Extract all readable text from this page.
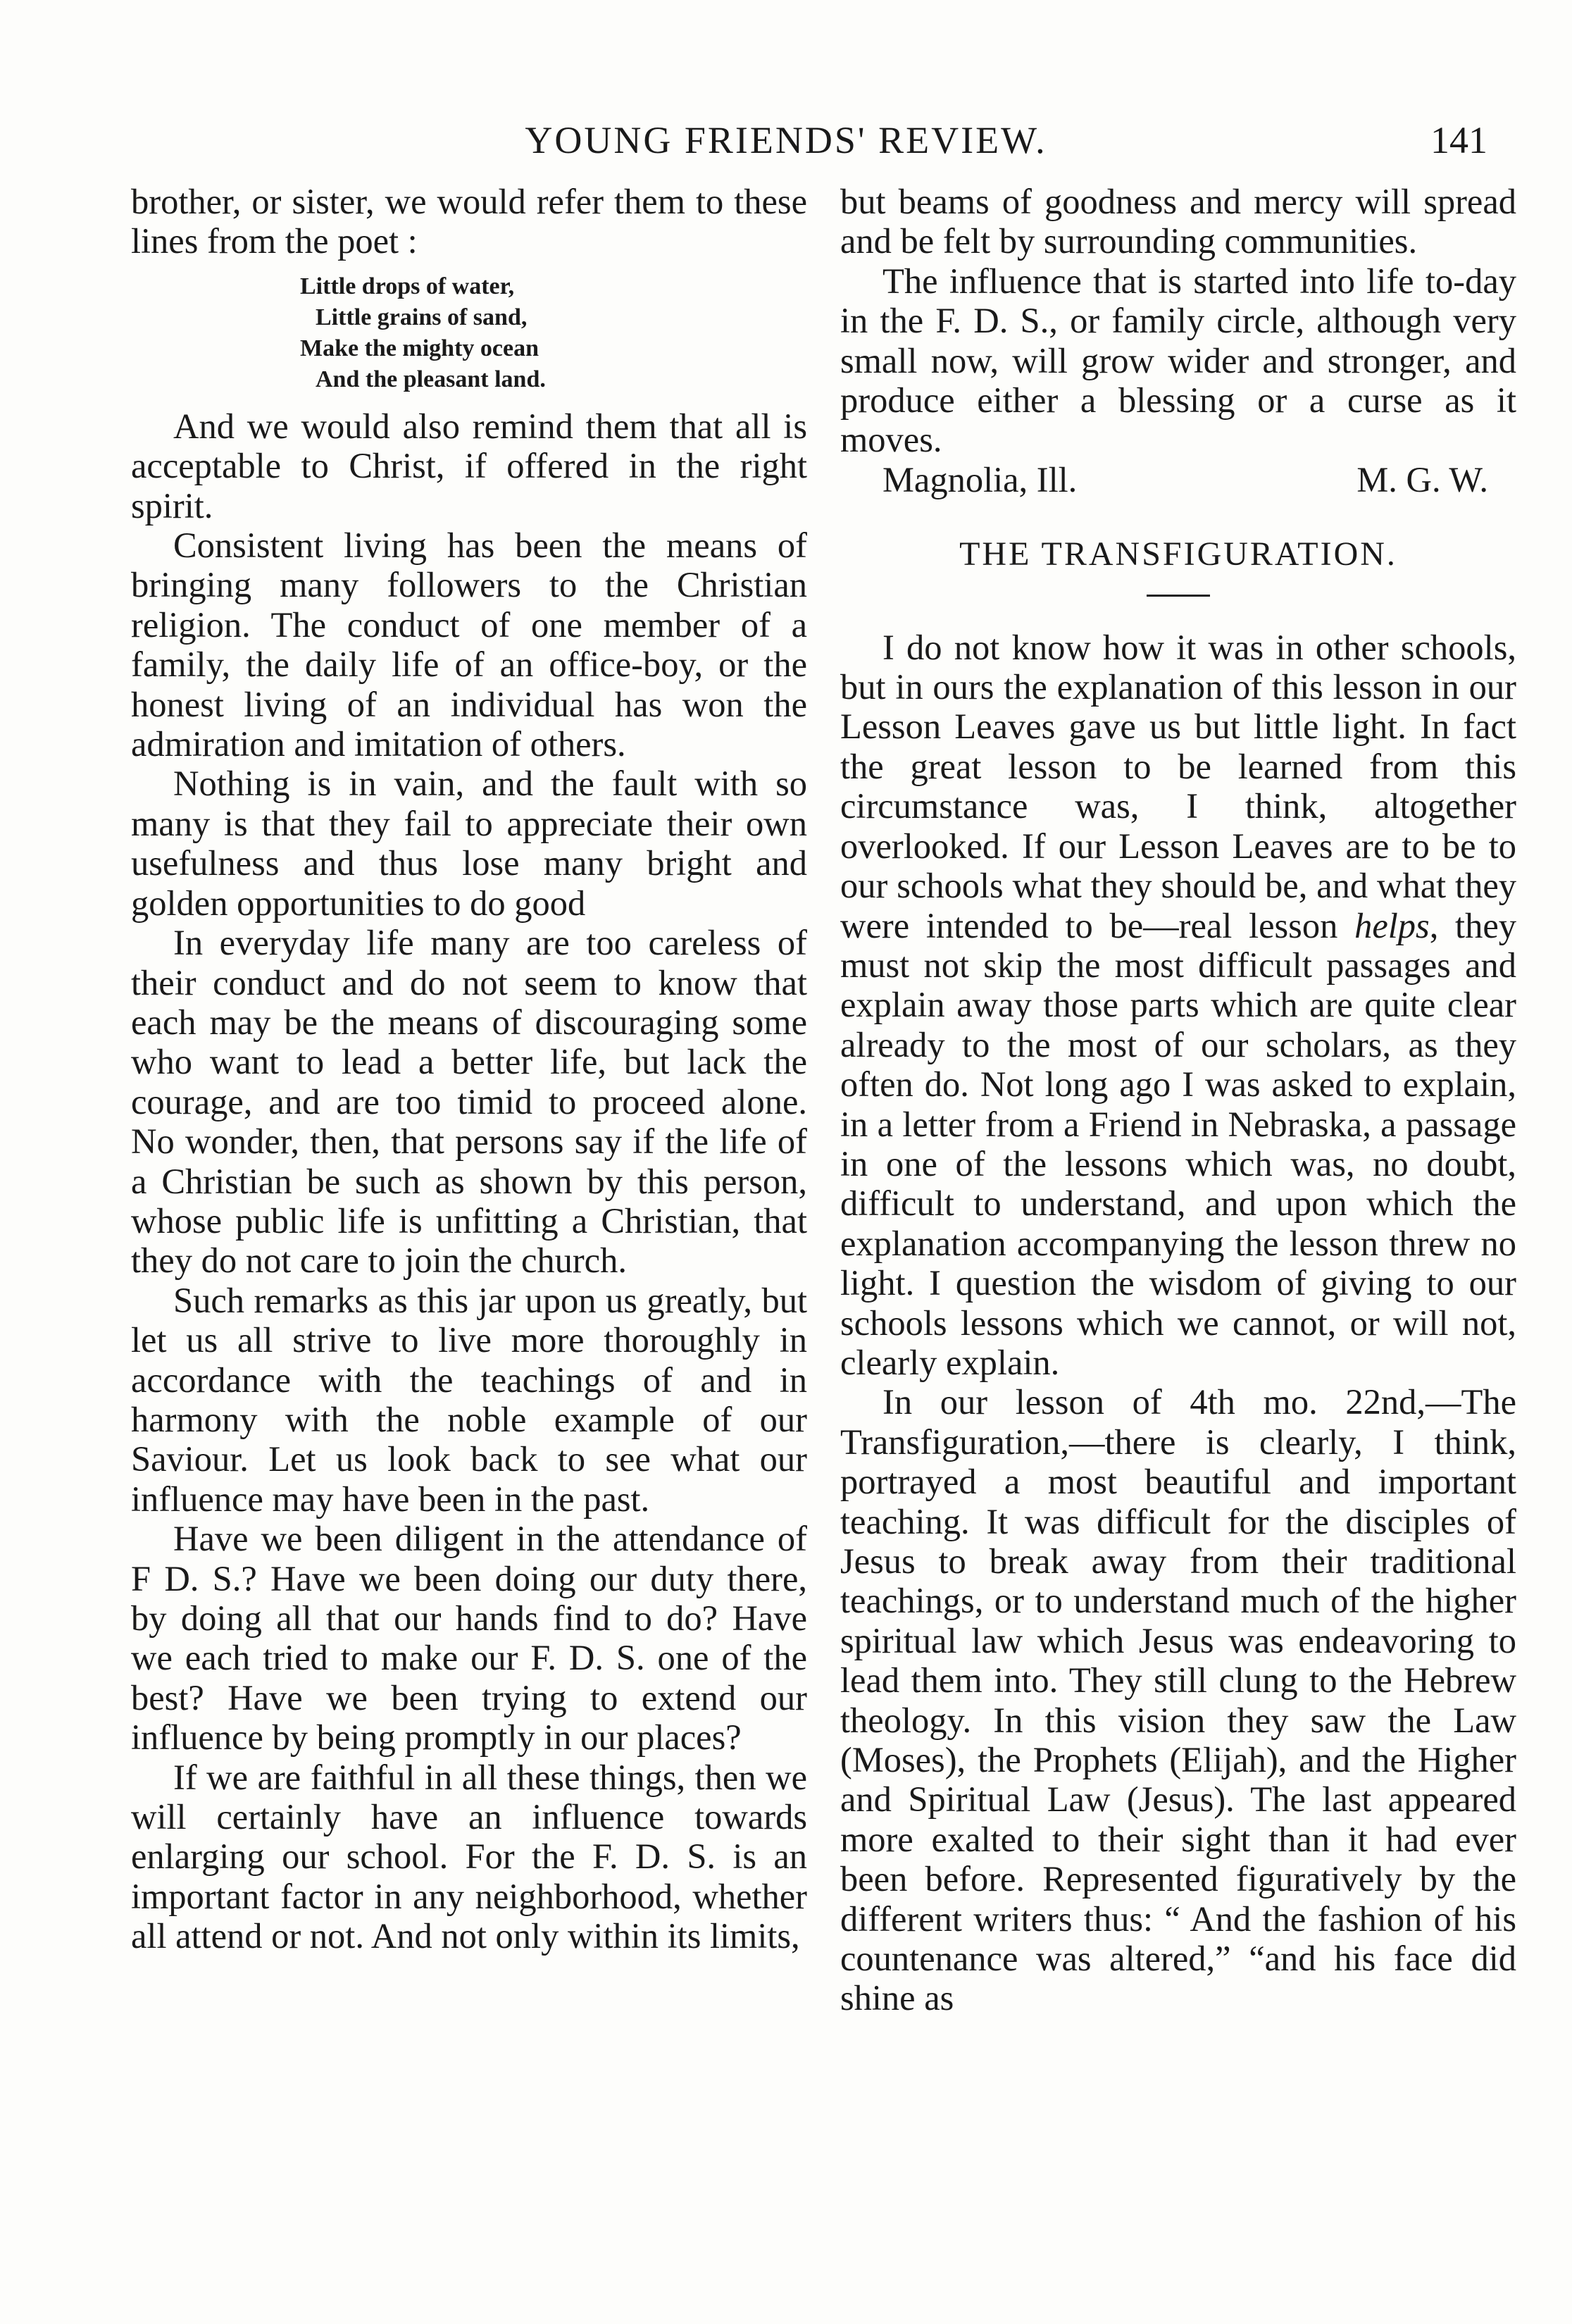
YOUNG FRIENDS' REVIEW.	141

brother, or sister, we would refer them to these lines from the poet :

Little drops of water,
Little grains of sand,
Make the mighty ocean
And the pleasant land.

And we would also remind them that all is acceptable to Christ, if offered in the right spirit.

Consistent living has been the means of bringing many followers to the Christian religion. The conduct of one member of a family, the daily life of an office-boy, or the honest living of an individual has won the admiration and imitation of others.

Nothing is in vain, and the fault with so many is that they fail to appreciate their own usefulness and thus lose many bright and golden opportunities to do good

In everyday life many are too careless of their conduct and do not seem to know that each may be the means of discouraging some who want to lead a better life, but lack the courage, and are too timid to proceed alone. No wonder, then, that persons say if the life of a Christian be such as shown by this person, whose public life is unfitting a Christian, that they do not care to join the church.

Such remarks as this jar upon us greatly, but let us all strive to live more thoroughly in accordance with the teachings of and in harmony with the noble example of our Saviour. Let us look back to see what our influence may have been in the past.

Have we been diligent in the attendance of F D. S.? Have we been doing our duty there, by doing all that our hands find to do? Have we each tried to make our F. D. S. one of the best? Have we been trying to extend our influence by being promptly in our places?

If we are faithful in all these things, then we will certainly have an influence towards enlarging our school. For the F. D. S. is an important factor in any neighborhood, whether all attend or not. And not only within its limits,

but beams of goodness and mercy will spread and be felt by surrounding communities.

The influence that is started into life to-day in the F. D. S., or family circle, although very small now, will grow wider and stronger, and produce either a blessing or a curse as it moves.

Magnolia, Ill.	M. G. W.
THE TRANSFIGURATION.

I do not know how it was in other schools, but in ours the explanation of this lesson in our Lesson Leaves gave us but little light. In fact the great lesson to be learned from this circumstance was, I think, altogether overlooked. If our Lesson Leaves are to be to our schools what they should be, and what they were intended to be—real lesson helps, they must not skip the most difficult passages and explain away those parts which are quite clear already to the most of our scholars, as they often do. Not long ago I was asked to explain, in a letter from a Friend in Nebraska, a passage in one of the lessons which was, no doubt, difficult to understand, and upon which the explanation accompanying the lesson threw no light. I question the wisdom of giving to our schools lessons which we cannot, or will not, clearly explain.

In our lesson of 4th mo. 22nd,—The Transfiguration,—there is clearly, I think, portrayed a most beautiful and important teaching. It was difficult for the disciples of Jesus to break away from their traditional teachings, or to understand much of the higher spiritual law which Jesus was endeavoring to lead them into. They still clung to the Hebrew theology. In this vision they saw the Law (Moses), the Prophets (Elijah), and the Higher and Spiritual Law (Jesus). The last appeared more exalted to their sight than it had ever been before. Represented figuratively by the different writers thus: “ And the fashion of his countenance was altered,” “and his face did shine as
